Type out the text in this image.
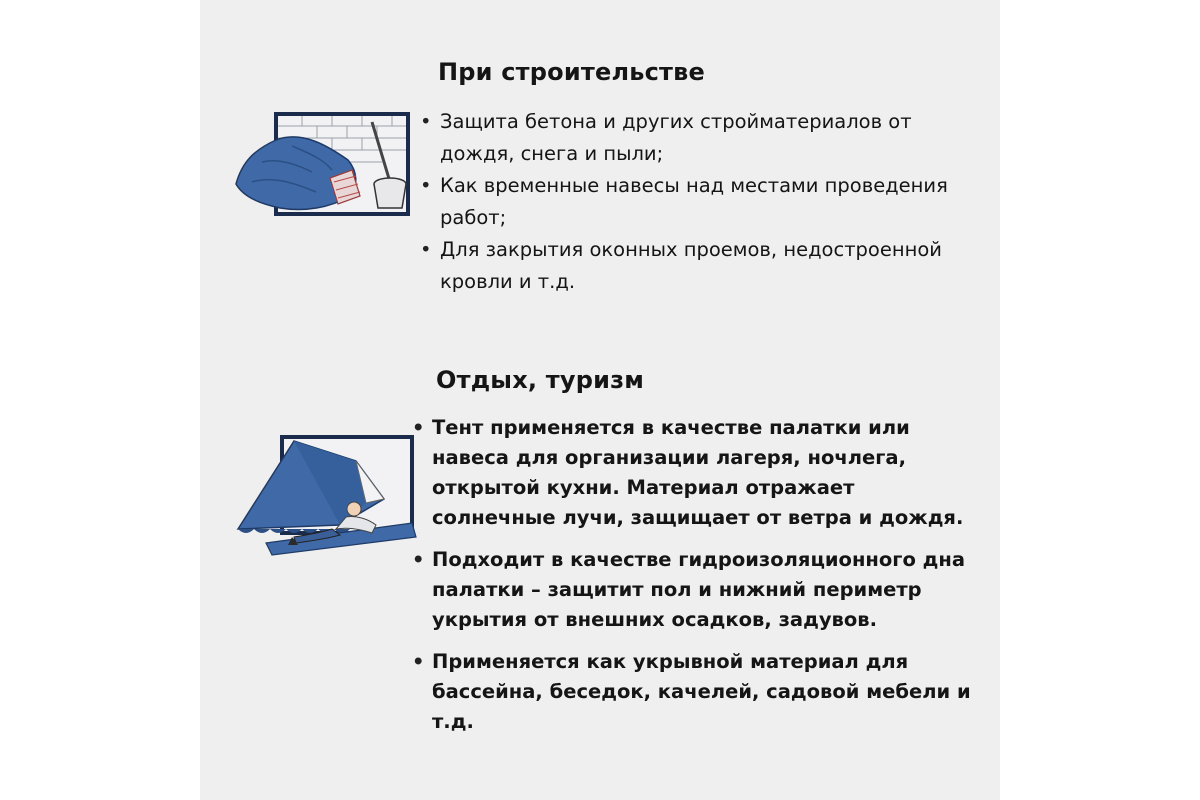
При строительстве
• Защита бетона и других стройматериалов от дождя, снега и пыли;
• Как временные навесы над местами проведения работ;
• Для закрытия оконных проемов, недостроенной кровли и т.д.
Отдых, туризм
• Тент применяется в качестве палатки или навеса для организации лагеря, ночлега, открытой кухни. Материал отражает солнечные лучи, защищает от ветра и дождя.
• Подходит в качестве гидроизоляционного дна палатки – защитит пол и нижний периметр укрытия от внешних осадков, задувов.
• Применяется как укрывной материал для бассейна, беседок, качелей, садовой мебели и т.д.
